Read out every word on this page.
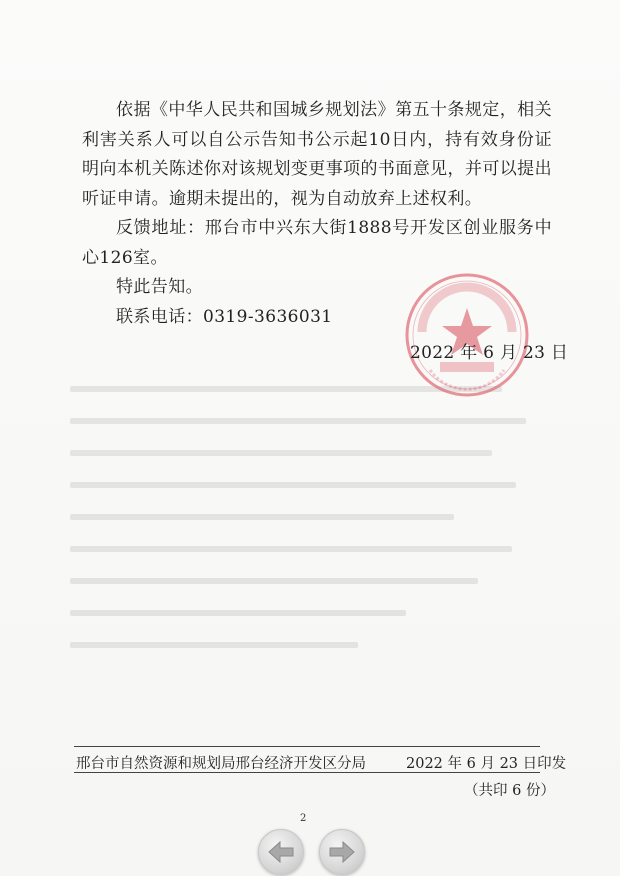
依据《中华人民共和国城乡规划法》第五十条规定，相关利害关系人可以自公示告知书公示起10日内，持有效身份证明向本机关陈述你对该规划变更事项的书面意见，并可以提出听证申请。逾期未提出的，视为自动放弃上述权利。

反馈地址：邢台市中兴东大街1888号开发区创业服务中心126室。

特此告知。

联系电话：0319-3636031

2022 年 6 月 23 日
邢台市自然资源和规划局邢台经济开发区分局	2022 年 6 月 23 日印发
（共印 6 份）
2
